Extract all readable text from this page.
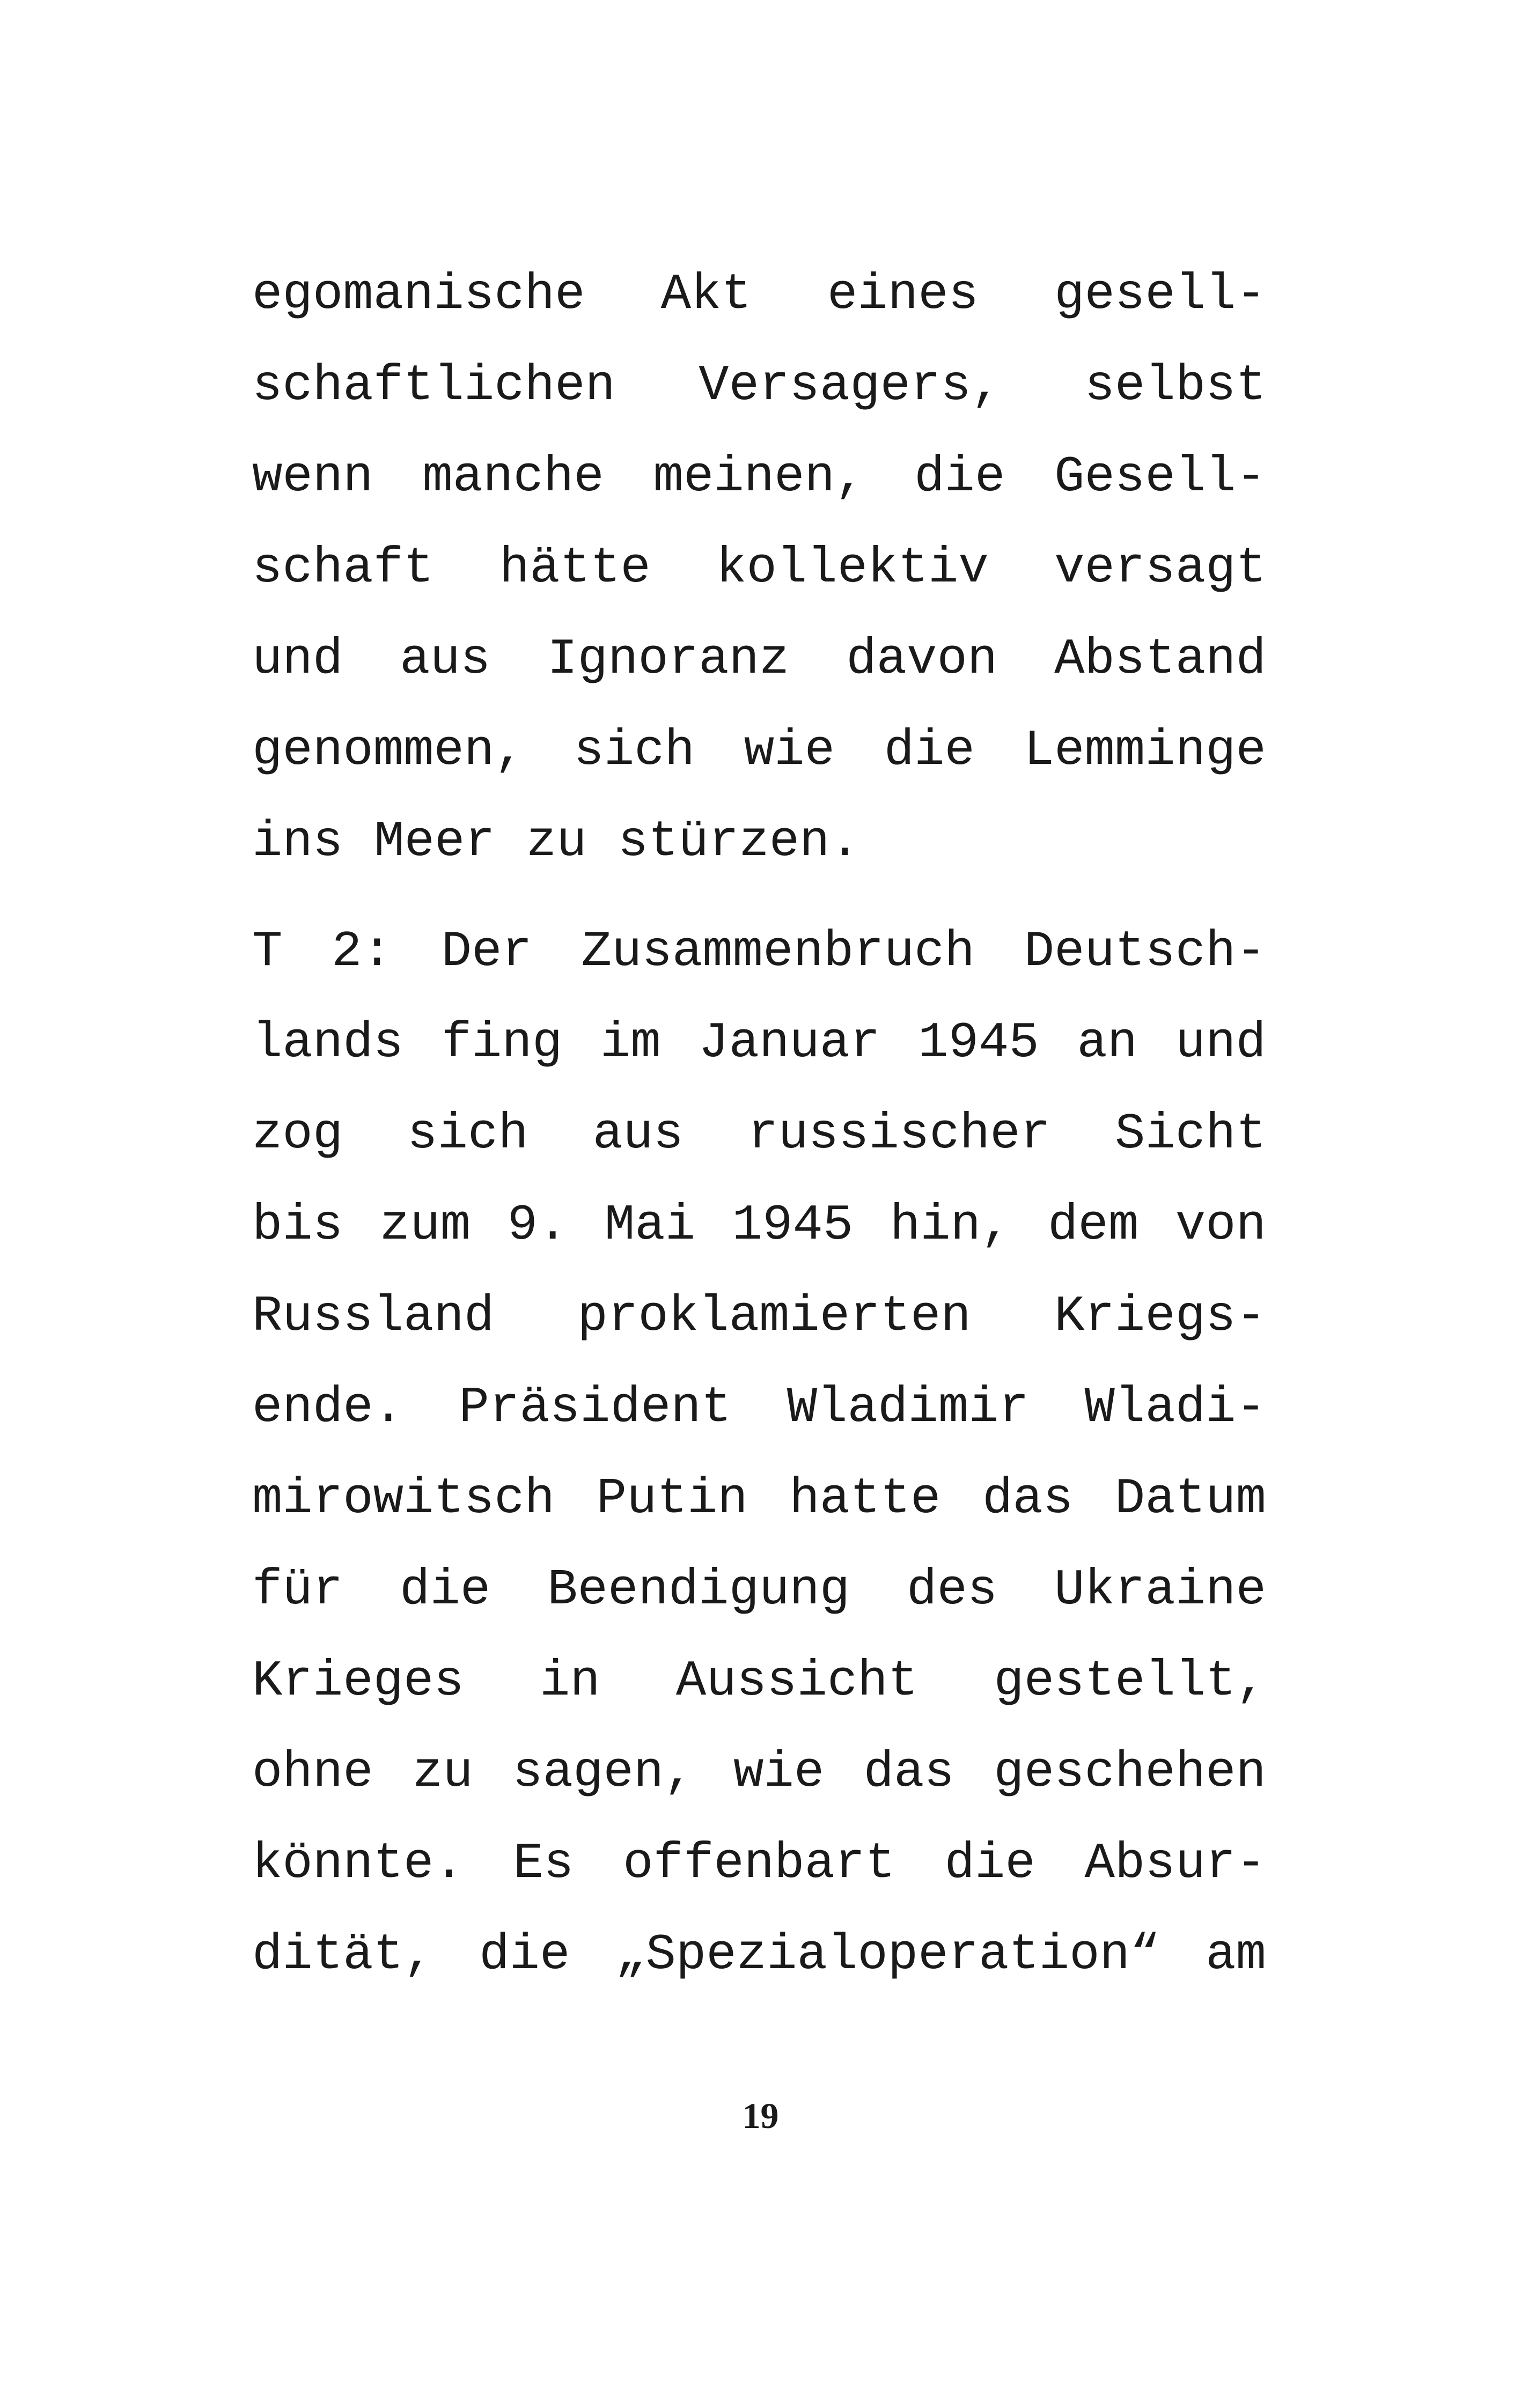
egomanische Akt eines gesell-
schaftlichen Versagers, selbst
wenn manche meinen, die Gesell-
schaft hätte kollektiv versagt
und aus Ignoranz davon Abstand
genommen, sich wie die Lemminge
ins Meer zu stürzen.
T 2: Der Zusammenbruch Deutsch-
lands fing im Januar 1945 an und
zog sich aus russischer Sicht
bis zum 9. Mai 1945 hin, dem von
Russland proklamierten Kriegs-
ende. Präsident Wladimir Wladi-
mirowitsch Putin hatte das Datum
für die Beendigung des Ukraine
Krieges in Aussicht gestellt,
ohne zu sagen, wie das geschehen
könnte. Es offenbart die Absur-
dität, die „Spezialoperation“ am
19
